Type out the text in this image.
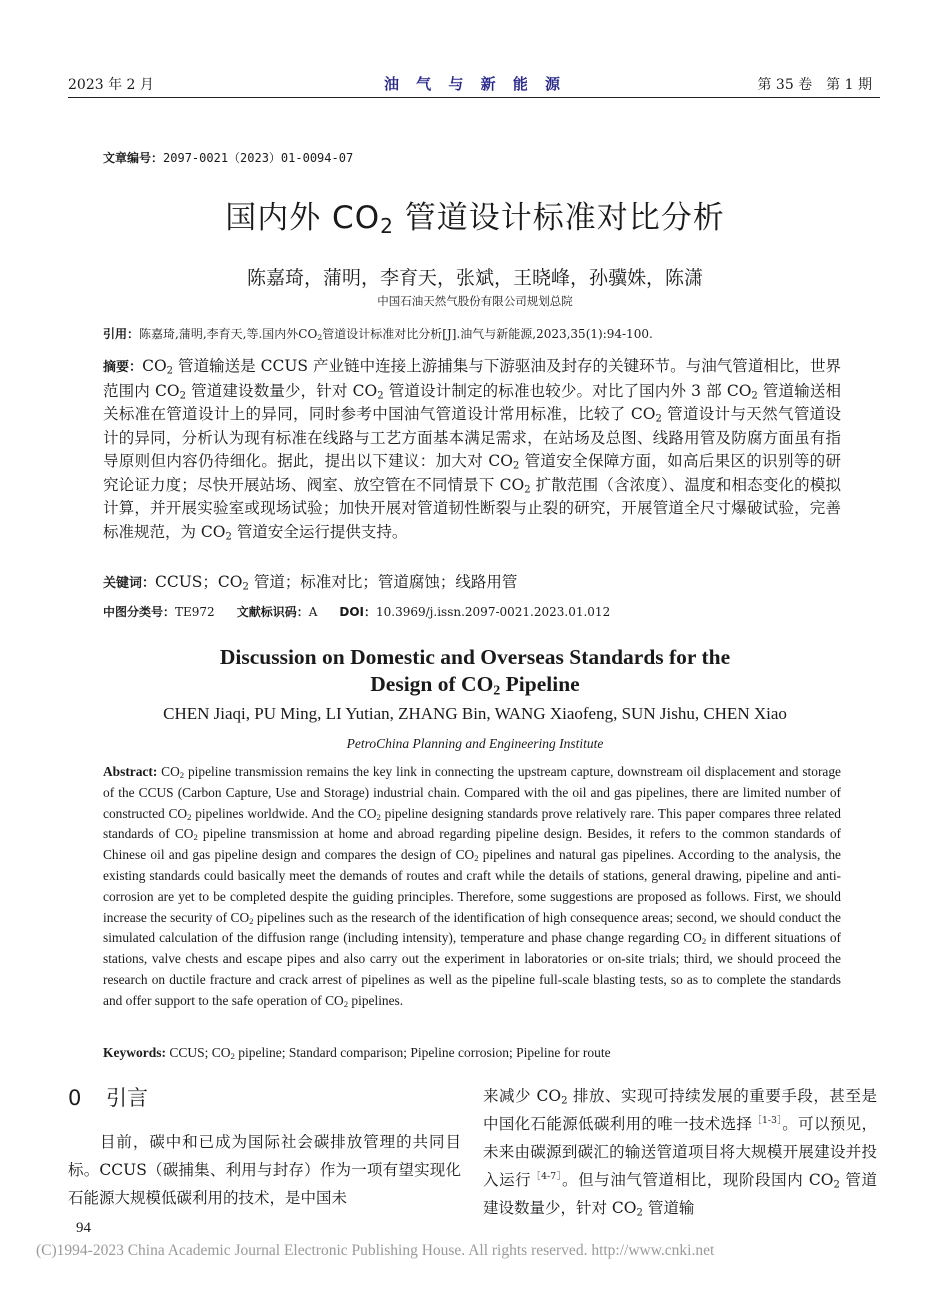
2023 年 2 月	油 气 与 新 能 源	第 35 卷　第 1 期
文章编号：2097-0021（2023）01-0094-07
国内外 $CO_2$ 管道设计标准对比分析
陈嘉琦，蒲明，李育天，张斌，王晓峰，孙骥姝，陈潇
中国石油天然气股份有限公司规划总院
引用：陈嘉琦,蒲明,李育天,等.国内外$CO_2$管道设计标准对比分析[J].油气与新能源,2023,35(1):94-100.
摘要：$CO_2$ 管道输送是 CCUS 产业链中连接上游捕集与下游驱油及封存的关键环节。与油气管道相比，世界范围内 $CO_2$ 管道建设数量少，针对 $CO_2$ 管道设计制定的标准也较少。对比了国内外 3 部 $CO_2$ 管道输送相关标准在管道设计上的异同，同时参考中国油气管道设计常用标准，比较了 $CO_2$ 管道设计与天然气管道设计的异同，分析认为现有标准在线路与工艺方面基本满足需求，在站场及总图、线路用管及防腐方面虽有指导原则但内容仍待细化。据此，提出以下建议：加大对 $CO_2$ 管道安全保障方面，如高后果区的识别等的研究论证力度；尽快开展站场、阀室、放空管在不同情景下 $CO_2$ 扩散范围（含浓度）、温度和相态变化的模拟计算，并开展实验室或现场试验；加快开展对管道韧性断裂与止裂的研究，开展管道全尺寸爆破试验，完善标准规范，为 $CO_2$ 管道安全运行提供支持。
关键词：CCUS；$CO_2$ 管道；标准对比；管道腐蚀；线路用管
中图分类号：TE972 文献标识码：A DOI：10.3969/j.issn.2097-0021.2023.01.012
Discussion on Domestic and Overseas Standards for the
Design of $CO_2$ Pipeline
CHEN Jiaqi, PU Ming, LI Yutian, ZHANG Bin, WANG Xiaofeng, SUN Jishu, CHEN Xiao
PetroChina Planning and Engineering Institute
Abstract: $CO_2$ pipeline transmission remains the key link in connecting the upstream capture, downstream oil displacement and storage of the CCUS (Carbon Capture, Use and Storage) industrial chain. Compared with the oil and gas pipelines, there are limited number of constructed $CO_2$ pipelines worldwide. And the $CO_2$ pipeline designing standards prove relatively rare. This paper compares three related standards of $CO_2$ pipeline transmission at home and abroad regarding pipeline design. Besides, it refers to the common standards of Chinese oil and gas pipeline design and compares the design of $CO_2$ pipelines and natural gas pipelines. According to the analysis, the existing standards could basically meet the demands of routes and craft while the details of stations, general drawing, pipeline and anti-corrosion are yet to be completed despite the guiding principles. Therefore, some suggestions are proposed as follows. First, we should increase the security of $CO_2$ pipelines such as the research of the identification of high consequence areas; second, we should conduct the simulated calculation of the diffusion range (including intensity), temperature and phase change regarding $CO_2$ in different situations of stations, valve chests and escape pipes and also carry out the experiment in laboratories or on-site trials; third, we should proceed the research on ductile fracture and crack arrest of pipelines as well as the pipeline full-scale blasting tests, so as to complete the standards and offer support to the safe operation of $CO_2$ pipelines.
Keywords: CCUS; $CO_2$ pipeline; Standard comparison; Pipeline corrosion; Pipeline for route
0 引言
目前，碳中和已成为国际社会碳排放管理的共同目标。CCUS（碳捕集、利用与封存）作为一项有望实现化石能源大规模低碳利用的技术，是中国未
来减少 $CO_2$ 排放、实现可持续发展的重要手段，甚至是中国化石能源低碳利用的唯一技术选择$^{[1-3]}$。可以预见，未来由碳源到碳汇的输送管道项目将大规模开展建设并投入运行$^{[4-7]}$。但与油气管道相比，现阶段国内 $CO_2$ 管道建设数量少，针对 $CO_2$ 管道输
94
(C)1994-2023 China Academic Journal Electronic Publishing House. All rights reserved. http://www.cnki.net
